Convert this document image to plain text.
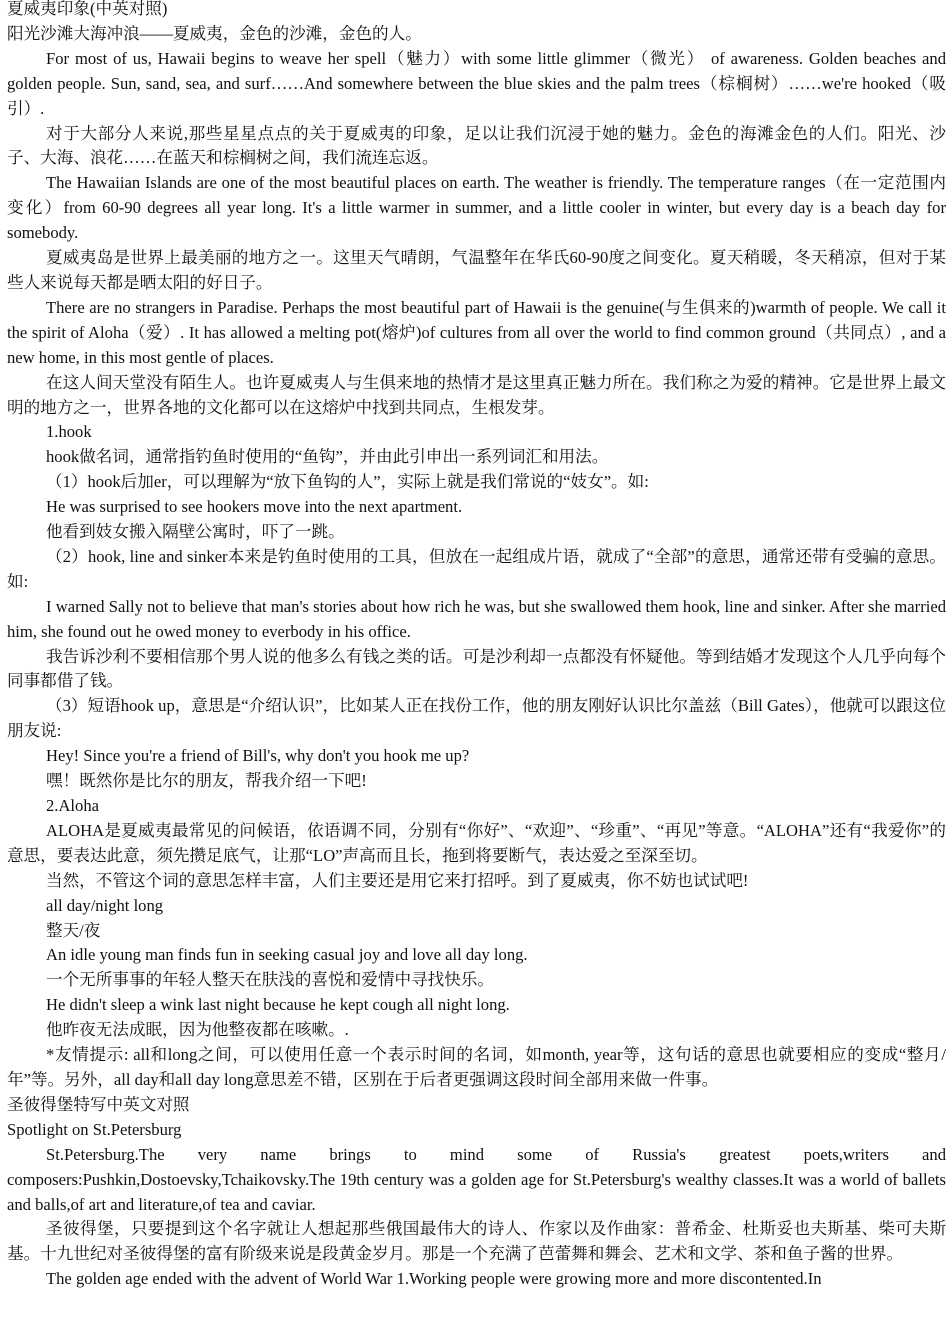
夏威夷印象(中英对照)

阳光沙滩大海冲浪——夏威夷，金色的沙滩，金色的人。

For most of us, Hawaii begins to weave her spell（魅力）with some little glimmer（微光） of awareness. Golden beaches and golden people. Sun, sand, sea, and surf……And somewhere between the blue skies and the palm trees（棕榈树）……we're hooked（吸引）.

对于大部分人来说,那些星星点点的关于夏威夷的印象，足以让我们沉浸于她的魅力。金色的海滩金色的人们。阳光、沙子、大海、浪花……在蓝天和棕榈树之间，我们流连忘返。

The Hawaiian Islands are one of the most beautiful places on earth. The weather is friendly. The temperature ranges（在一定范围内变化）from 60-90 degrees all year long. It's a little warmer in summer, and a little cooler in winter, but every day is a beach day for somebody.

夏威夷岛是世界上最美丽的地方之一。这里天气晴朗，气温整年在华氏60-90度之间变化。夏天稍暖，冬天稍凉，但对于某些人来说每天都是晒太阳的好日子。

There are no strangers in Paradise. Perhaps the most beautiful part of Hawaii is the genuine(与生俱来的)warmth of people. We call it the spirit of Aloha（爱）. It has allowed a melting pot(熔炉)of cultures from all over the world to find common ground（共同点）, and a new home, in this most gentle of places.

在这人间天堂没有陌生人。也许夏威夷人与生俱来地的热情才是这里真正魅力所在。我们称之为爱的精神。它是世界上最文明的地方之一，世界各地的文化都可以在这熔炉中找到共同点，生根发芽。

1.hook

hook做名词，通常指钓鱼时使用的“鱼钩”，并由此引申出一系列词汇和用法。

（1）hook后加er，可以理解为“放下鱼钩的人”，实际上就是我们常说的“妓女”。如:

He was surprised to see hookers move into the next apartment.

他看到妓女搬入隔壁公寓时，吓了一跳。

（2）hook, line and sinker本来是钓鱼时使用的工具，但放在一起组成片语，就成了“全部”的意思，通常还带有受骗的意思。如:

I warned Sally not to believe that man's stories about how rich he was, but she swallowed them hook, line and sinker. After she married him, she found out he owed money to everbody in his office.

我告诉沙利不要相信那个男人说的他多么有钱之类的话。可是沙利却一点都没有怀疑他。等到结婚才发现这个人几乎向每个同事都借了钱。

（3）短语hook up，意思是“介绍认识”，比如某人正在找份工作，他的朋友刚好认识比尔盖兹（Bill Gates），他就可以跟这位朋友说:

Hey! Since you're a friend of Bill's, why don't you hook me up?

嘿！既然你是比尔的朋友，帮我介绍一下吧!

2.Aloha

ALOHA是夏威夷最常见的问候语，依语调不同，分别有“你好”、“欢迎”、“珍重”、“再见”等意。“ALOHA”还有“我爱你”的意思，要表达此意，须先攒足底气，让那“LO”声高而且长，拖到将要断气，表达爱之至深至切。

当然，不管这个词的意思怎样丰富，人们主要还是用它来打招呼。到了夏威夷，你不妨也试试吧!

all day/night long

整天/夜

An idle young man finds fun in seeking casual joy and love all day long.

一个无所事事的年轻人整天在肤浅的喜悦和爱情中寻找快乐。

He didn't sleep a wink last night because he kept cough all night long.

他昨夜无法成眠，因为他整夜都在咳嗽。.

*友情提示: all和long之间，可以使用任意一个表示时间的名词，如month, year等，这句话的意思也就要相应的变成“整月/年”等。另外，all day和all day long意思差不错，区别在于后者更强调这段时间全部用来做一件事。

圣彼得堡特写中英文对照

Spotlight on St.Petersburg

St.Petersburg.The very name brings to mind some of Russia's greatest poets,writers and composers:Pushkin,Dostoevsky,Tchaikovsky.The 19th century was a golden age for St.Petersburg's wealthy classes.It was a world of ballets and balls,of art and literature,of tea and caviar.

圣彼得堡，只要提到这个名字就让人想起那些俄国最伟大的诗人、作家以及作曲家：普希金、杜斯妥也夫斯基、柴可夫斯基。十九世纪对圣彼得堡的富有阶级来说是段黄金岁月。那是一个充满了芭蕾舞和舞会、艺术和文学、茶和鱼子酱的世界。

The golden age ended with the advent of World War 1.Working people were growing more and more discontented.In
